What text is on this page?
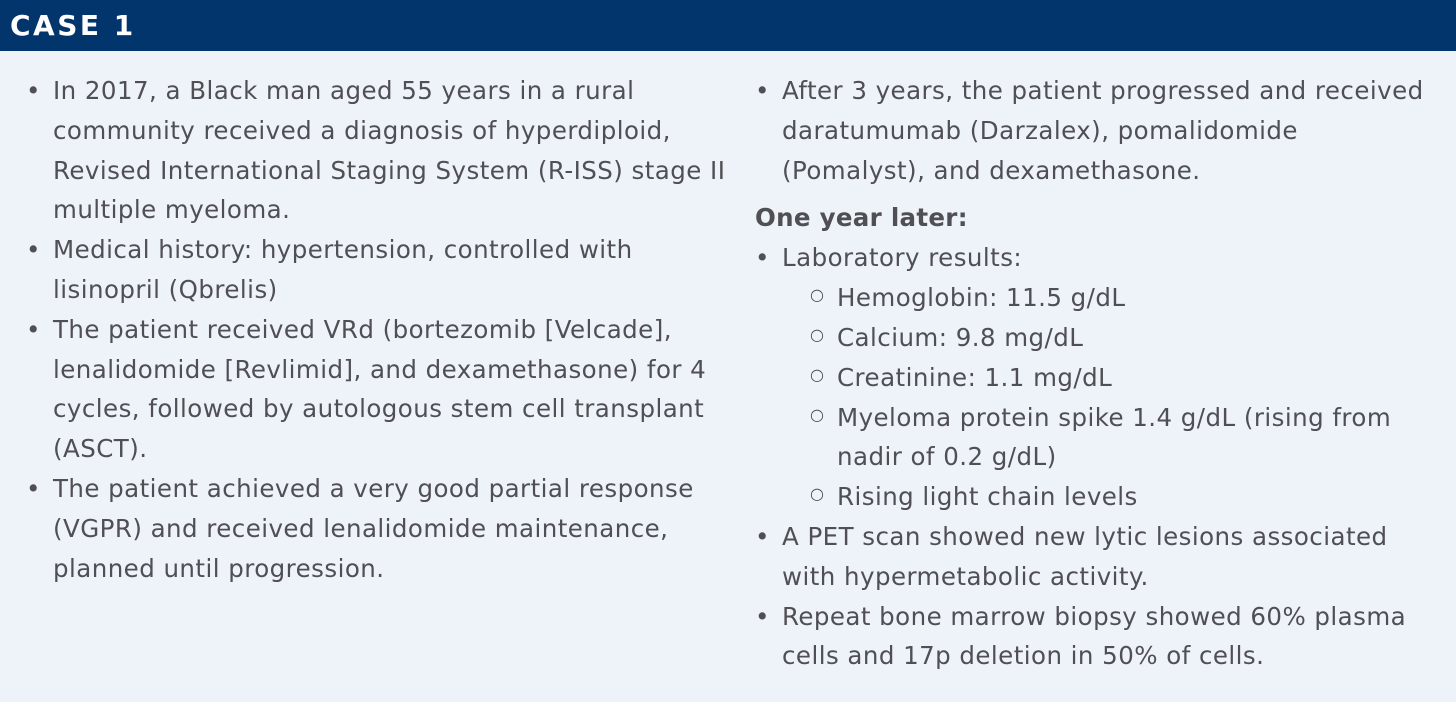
CASE 1
• In 2017, a Black man aged 55 years in a rural community received a diagnosis of hyperdiploid, Revised International Staging System (R-ISS) stage II multiple myeloma.
• Medical history: hypertension, controlled with lisinopril (Qbrelis)
• The patient received VRd (bortezomib [Velcade], lenalidomide [Revlimid], and dexamethasone) for 4 cycles, followed by autologous stem cell transplant (ASCT).
• The patient achieved a very good partial response (VGPR) and received lenalidomide maintenance, planned until progression.
• After 3 years, the patient progressed and received daratumumab (Darzalex), pomalidomide (Pomalyst), and dexamethasone.
One year later:
• Laboratory results:
○ Hemoglobin: 11.5 g/dL
○ Calcium: 9.8 mg/dL
○ Creatinine: 1.1 mg/dL
○ Myeloma protein spike 1.4 g/dL (rising from nadir of 0.2 g/dL)
○ Rising light chain levels
• A PET scan showed new lytic lesions associated with hypermetabolic activity.
• Repeat bone marrow biopsy showed 60% plasma cells and 17p deletion in 50% of cells.
